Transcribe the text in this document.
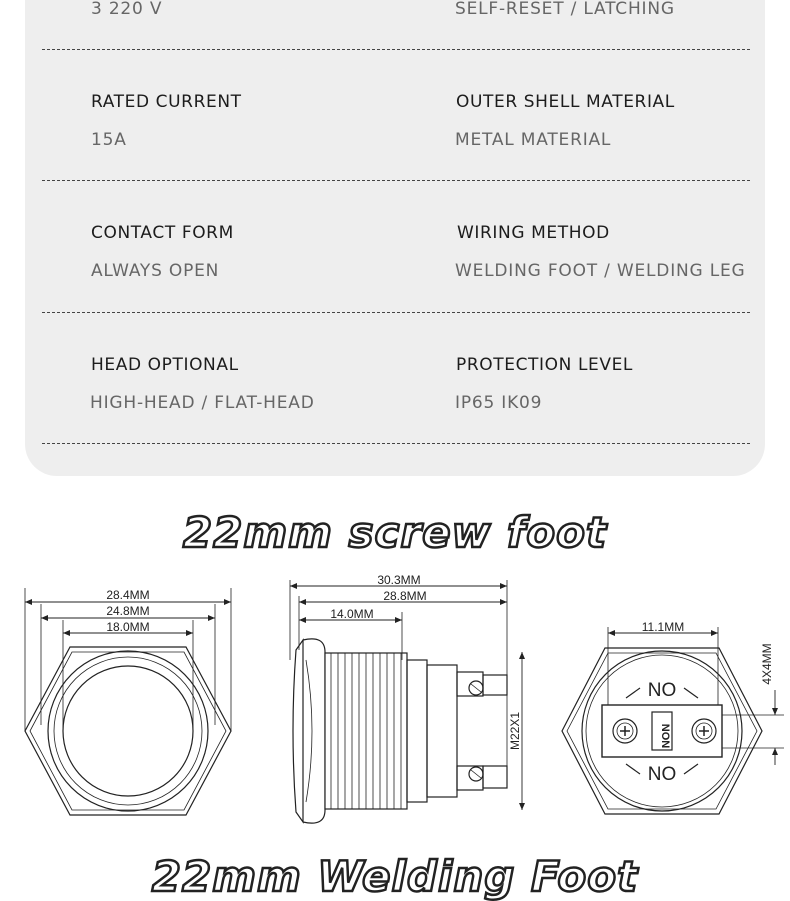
3 220 V	SELF-RESET / LATCHING
RATED CURRENT
15A
OUTER SHELL MATERIAL
METAL MATERIAL
CONTACT FORM
ALWAYS OPEN
WIRING METHOD
WELDING FOOT / WELDING LEG
HEAD OPTIONAL
HIGH-HEAD / FLAT-HEAD
PROTECTION LEVEL
IP65 IK09
22mm screw foot
28.4MM
24.8MM
18.0MM
30.3MM
28.8MM
14.0MM
M22X1
11.1MM
4X4MM
NO
NO
NON
22mm Welding Foot
